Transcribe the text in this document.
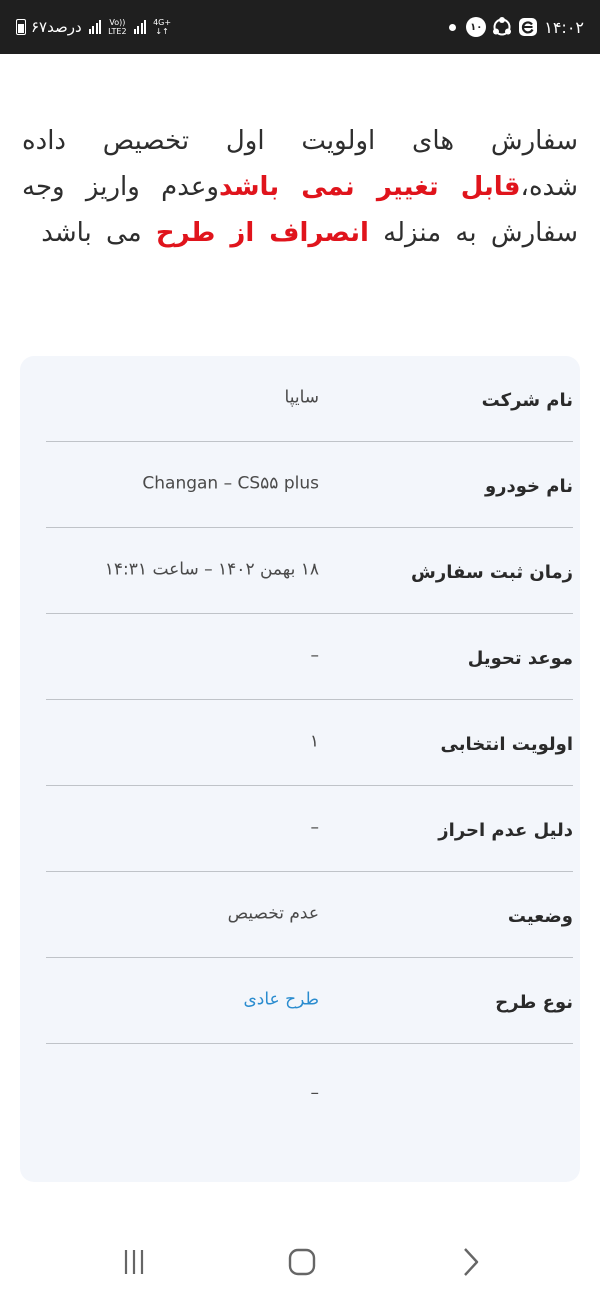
۱۰	۱۴:۰۲
۶۷درصد	Vo))
LTE2
4G+
↓↑
سفارش های اولویت اول تخصیص داده شده،قابل تغییر نمی باشدوعدم واریز وجه سفارش به منزله انصراف از طرح می باشد
نام شرکت
سایپا
نام خودرو
Changan – CS۵۵ plus
زمان ثبت سفارش
۱۸ بهمن ۱۴۰۲ – ساعت ۱۴:۳۱
موعد تحویل
–
اولویت انتخابی
۱
دلیل عدم احراز
–
وضعیت
عدم تخصیص
نوع طرح
طرح عادی
–
